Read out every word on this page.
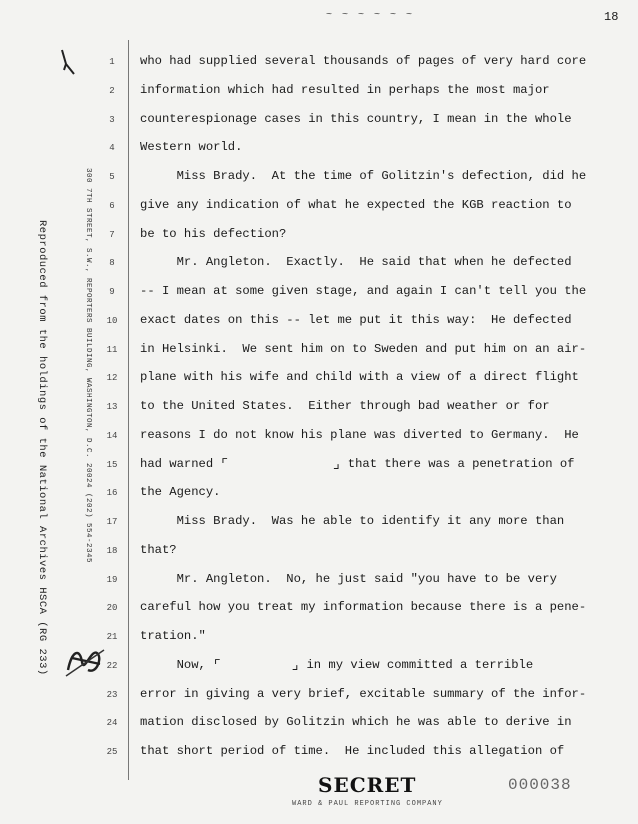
~ ~ ~ ~ ~ ~	18
Reproduced from the holdings of the National Archives HSCA (RG 233)	300 7TH STREET, S.W., REPORTERS BUILDING, WASHINGTON, D.C. 20024 (202) 554-2345
1
2
3
4
5
6
7
8
9
10
11
12
13
14
15
16
17
18
19
20
21
22
23
24
25
who had supplied several thousands of pages of very hard core
information which had resulted in perhaps the most major
counterespionage cases in this country, I mean in the whole
Western world.
Miss Brady.  At the time of Golitzin's defection, did he
give any indication of what he expected the KGB reaction to
be to his defection?
Mr. Angleton.  Exactly.  He said that when he defected
-- I mean at some given stage, and again I can't tell you the
exact dates on this -- let me put it this way:  He defected
in Helsinki.  We sent him on to Sweden and put him on an air-
plane with his wife and child with a view of a direct flight
to the United States.  Either through bad weather or for
reasons I do not know his plane was diverted to Germany.  He
had warned ⌜	⌟ that there was a penetration of
the Agency.
Miss Brady.  Was he able to identify it any more than
that?
Mr. Angleton.  No, he just said "you have to be very
careful how you treat my information because there is a pene-
tration."
Now, ⌜	⌟ in my view committed a terrible
error in giving a very brief, excitable summary of the infor-
mation disclosed by Golitzin which he was able to derive in
that short period of time.  He included this allegation of
SECRET
WARD & PAUL REPORTING COMPANY
000038
